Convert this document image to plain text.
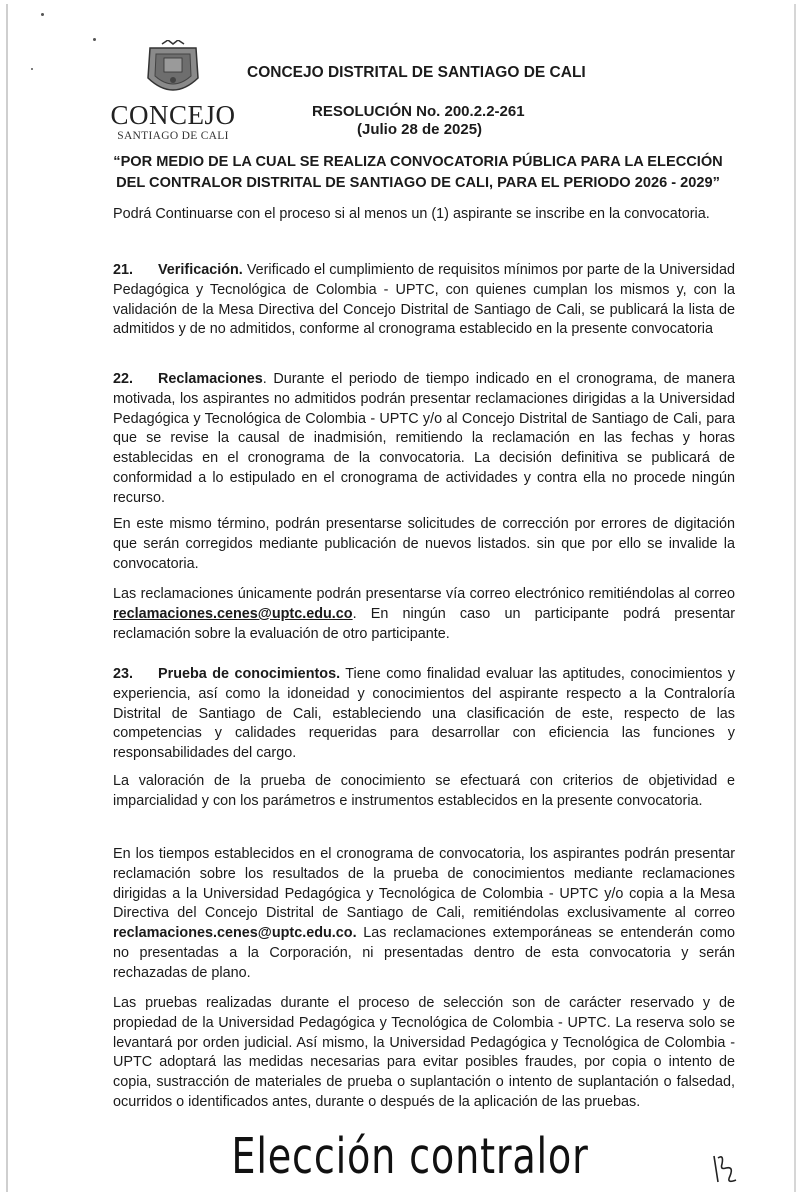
CONCEJO
SANTIAGO DE CALI
CONCEJO DISTRITAL DE SANTIAGO DE CALI
RESOLUCIÓN No. 200.2.2-261
(Julio 28 de 2025)
“POR MEDIO DE LA CUAL SE REALIZA CONVOCATORIA PÚBLICA PARA LA ELECCIÓN
DEL CONTRALOR DISTRITAL DE SANTIAGO DE CALI, PARA EL PERIODO 2026 - 2029”

Podrá Continuarse con el proceso si al menos un (1) aspirante se inscribe en la convocatoria.

21. Verificación. Verificado el cumplimiento de requisitos mínimos por parte de la Universidad Pedagógica y Tecnológica de Colombia - UPTC, con quienes cumplan los mismos y, con la validación de la Mesa Directiva del Concejo Distrital de Santiago de Cali, se publicará la lista de admitidos y de no admitidos, conforme al cronograma establecido en la presente convocatoria

22. Reclamaciones. Durante el periodo de tiempo indicado en el cronograma, de manera motivada, los aspirantes no admitidos podrán presentar reclamaciones dirigidas a la Universidad Pedagógica y Tecnológica de Colombia - UPTC y/o al Concejo Distrital de Santiago de Cali, para que se revise la causal de inadmisión, remitiendo la reclamación en las fechas y horas establecidas en el cronograma de la convocatoria. La decisión definitiva se publicará de conformidad a lo estipulado en el cronograma de actividades y contra ella no procede ningún recurso.

En este mismo término, podrán presentarse solicitudes de corrección por errores de digitación que serán corregidos mediante publicación de nuevos listados. sin que por ello se invalide la convocatoria.

Las reclamaciones únicamente podrán presentarse vía correo electrónico remitiéndolas al correo reclamaciones.cenes@uptc.edu.co. En ningún caso un participante podrá presentar reclamación sobre la evaluación de otro participante.

23. Prueba de conocimientos. Tiene como finalidad evaluar las aptitudes, conocimientos y experiencia, así como la idoneidad y conocimientos del aspirante respecto a la Contraloría Distrital de Santiago de Cali, estableciendo una clasificación de este, respecto de las competencias y calidades requeridas para desarrollar con eficiencia las funciones y responsabilidades del cargo.

La valoración de la prueba de conocimiento se efectuará con criterios de objetividad e imparcialidad y con los parámetros e instrumentos establecidos en la presente convocatoria.

En los tiempos establecidos en el cronograma de convocatoria, los aspirantes podrán presentar reclamación sobre los resultados de la prueba de conocimientos mediante reclamaciones dirigidas a la Universidad Pedagógica y Tecnológica de Colombia - UPTC y/o copia a la Mesa Directiva del Concejo Distrital de Santiago de Cali, remitiéndolas exclusivamente al correo reclamaciones.cenes@uptc.edu.co. Las reclamaciones extemporáneas se entenderán como no presentadas a la Corporación, ni presentadas dentro de esta convocatoria y serán rechazadas de plano.

Las pruebas realizadas durante el proceso de selección son de carácter reservado y de propiedad de la Universidad Pedagógica y Tecnológica de Colombia - UPTC. La reserva solo se levantará por orden judicial. Así mismo, la Universidad Pedagógica y Tecnológica de Colombia - UPTC adoptará las medidas necesarias para evitar posibles fraudes, por copia o intento de copia, sustracción de materiales de prueba o suplantación o intento de suplantación o falsedad, ocurridos o identificados antes, durante o después de la aplicación de las pruebas.

Elección contralor
